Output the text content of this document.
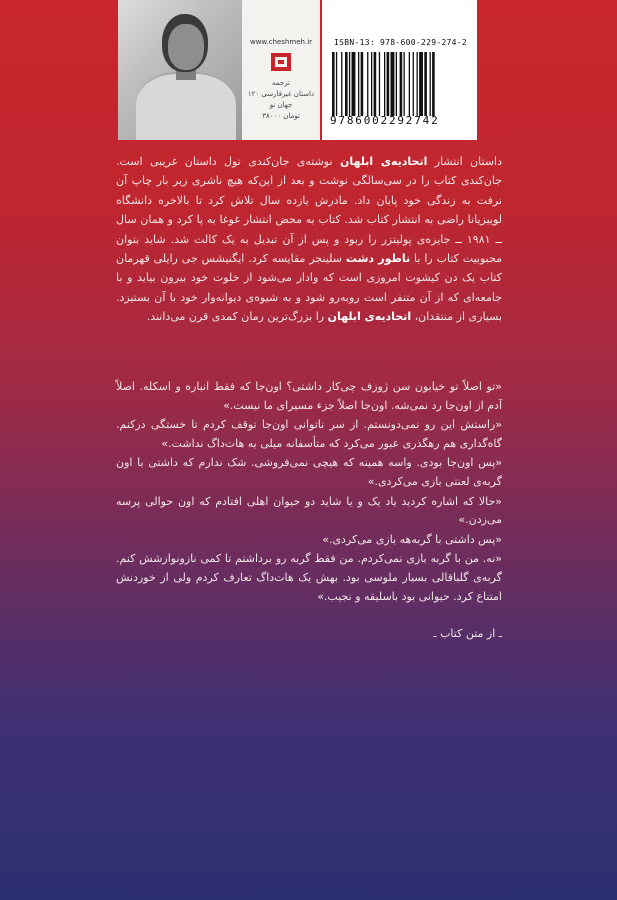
www.cheshmeh.ir
ترجمه
داستان غیرفارسی ۱۲۰
جهان نو
۳۸۰۰۰ تومان
ISBN-13: 978-600-229-274-2
9786002292742
داستان انتشار اتحادیه‌ی ابلهان نوشته‌ی جان‌کندی تول داستان غریبی است. جان‌کندی کتاب را در سی‌سالگی نوشت و بعد از این‌که هیچ ناشری زیر بار چاپ آن نرفت به زندگی خود پایان داد. مادرش یازده سال تلاش کرد تا بالاخره دانشگاه لوییزیانا راضی به انتشار کتاب شد. کتاب به محض انتشار غوغا به پا کرد و همان سال ــ ۱۹۸۱ ــ جایزه‌ی پولیتزر را ربود و پس از آن تبدیل به یک کالت شد. شاید بتوان محبوبیت کتاب را با ناطور دشت سلینجر مقایسه کرد. ایگنیشس جی رایلی قهرمان کتاب یک دن کیشوت امروزی است که وادار می‌شود از خلوت خود بیرون بیاید و با جامعه‌ای که از آن متنفر است روبه‌رو شود و به شیوه‌ی دیوانه‌وار خود با آن بستیزد. بسیاری از منتقدان، اتحادیه‌ی ابلهان را بزرگ‌ترین رمان کمدی قرن می‌دانند.

«تو اصلاً تو خیابون سن ژوزف چی‌کار داشتی؟ اون‌جا که فقط انباره و اسکله. اصلاً آدم از اون‌جا رد نمی‌شه. اون‌جا اصلاً جزء مسیرای ما نیست.»

«راستش این رو نمی‌دونستم. از سر ناتوانی اون‌جا توقف کردم تا خستگی درکنم. گاه‌گداری هم رهگذری عبور می‌کرد که متأسفانه میلی به هات‌داگ نداشت.»

«پس اون‌جا بودی. واسه همینه که هیچی نمی‌فروشی. شک ندارم که داشتی با اون گربه‌ی لعنتی بازی می‌کردی.»

«حالا که اشاره کردید یاد یک و یا شاید دو حیوان اهلی افتادم که اون حوالی پرسه می‌زدن.»

«پس داشتی با گربه‌هه بازی می‌کردی.»

«نه. من با گربه بازی نمی‌کردم. من فقط گربه رو برداشتم تا کمی نازونوازشش کنم. گربه‌ی گلباقالی بسیار ملوسی بود. بهش یک هات‌داگ تعارف کردم ولی از خوردنش امتناع کرد. حیوانی بود باسلیقه و نجیب.»

ـ از متن کتاب ـ
